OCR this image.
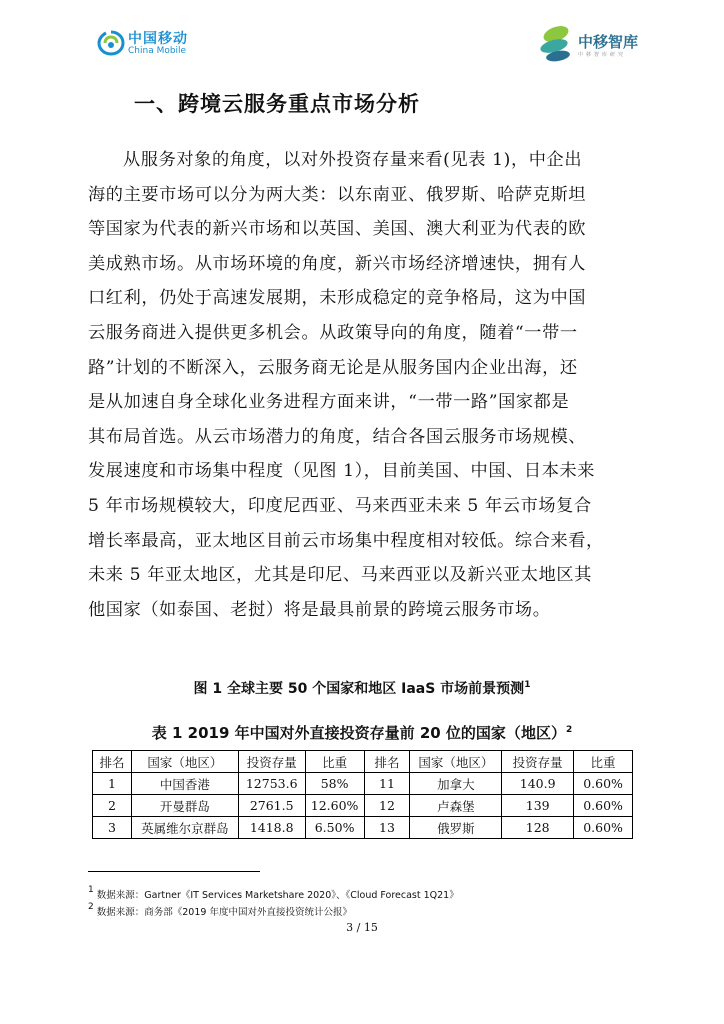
中国移动
China Mobile	中移智库
中移智库研究
一、跨境云服务重点市场分析
从服务对象的角度，以对外投资存量来看(见表 1)，中企出
海的主要市场可以分为两大类：以东南亚、俄罗斯、哈萨克斯坦
等国家为代表的新兴市场和以英国、美国、澳大利亚为代表的欧
美成熟市场。从市场环境的角度，新兴市场经济增速快，拥有人
口红利，仍处于高速发展期，未形成稳定的竞争格局，这为中国
云服务商进入提供更多机会。从政策导向的角度，随着“一带一
路”计划的不断深入，云服务商无论是从服务国内企业出海，还
是从加速自身全球化业务进程方面来讲，“一带一路”国家都是
其布局首选。从云市场潜力的角度，结合各国云服务市场规模、
发展速度和市场集中程度（见图 1），目前美国、中国、日本未来
5 年市场规模较大，印度尼西亚、马来西亚未来 5 年云市场复合
增长率最高，亚太地区目前云市场集中程度相对较低。综合来看，
未来 5 年亚太地区，尤其是印尼、马来西亚以及新兴亚太地区其
他国家（如泰国、老挝）将是最具前景的跨境云服务市场。
图 1 全球主要 50 个国家和地区 IaaS 市场前景预测$^1$
表 1 2019 年中国对外直接投资存量前 20 位的国家（地区）$^2$
排名	国家（地区）	投资存量	比重	排名	国家（地区）	投资存量	比重
1	中国香港	12753.6	58%	11	加拿大	140.9	0.60%
2	开曼群岛	2761.5	12.60%	12	卢森堡	139	0.60%
3	英属维尔京群岛	1418.8	6.50%	13	俄罗斯	128	0.60%
$^1$ 数据来源：Gartner《IT Services Marketshare 2020》、《Cloud Forecast 1Q21》
$^2$ 数据来源：商务部《2019 年度中国对外直接投资统计公报》
3 / 15
